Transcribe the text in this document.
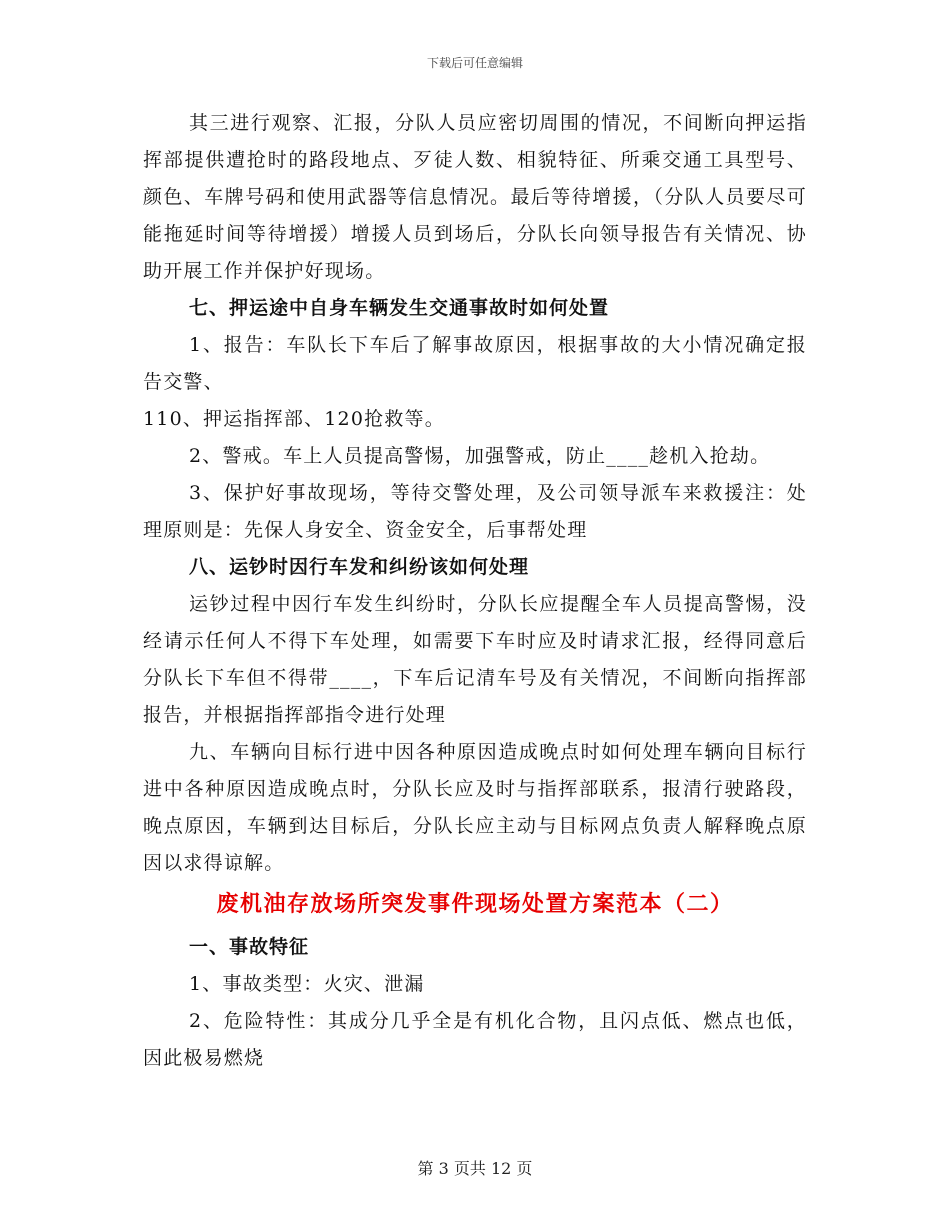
下载后可任意编辑

其三进行观察、汇报，分队人员应密切周围的情况，不间断向押运指挥部提供遭抢时的路段地点、歹徒人数、相貌特征、所乘交通工具型号、颜色、车牌号码和使用武器等信息情况。最后等待增援，（分队人员要尽可能拖延时间等待增援）增援人员到场后，分队长向领导报告有关情况、协助开展工作并保护好现场。

七、押运途中自身车辆发生交通事故时如何处置

1、报告：车队长下车后了解事故原因，根据事故的大小情况确定报告交警、

110、押运指挥部、120抢救等。

2、警戒。车上人员提高警惕，加强警戒，防止____趁机入抢劫。

3、保护好事故现场，等待交警处理，及公司领导派车来救援注：处理原则是：先保人身安全、资金安全，后事帮处理

八、运钞时因行车发和纠纷该如何处理

运钞过程中因行车发生纠纷时，分队长应提醒全车人员提高警惕，没经请示任何人不得下车处理，如需要下车时应及时请求汇报，经得同意后分队长下车但不得带____，下车后记清车号及有关情况，不间断向指挥部报告，并根据指挥部指令进行处理

九、车辆向目标行进中因各种原因造成晚点时如何处理车辆向目标行进中各种原因造成晚点时，分队长应及时与指挥部联系，报清行驶路段，晚点原因，车辆到达目标后，分队长应主动与目标网点负责人解释晚点原因以求得谅解。

废机油存放场所突发事件现场处置方案范本（二）

一、事故特征

1、事故类型：火灾、泄漏

2、危险特性：其成分几乎全是有机化合物，且闪点低、燃点也低，因此极易燃烧

第 3 页共 12 页
